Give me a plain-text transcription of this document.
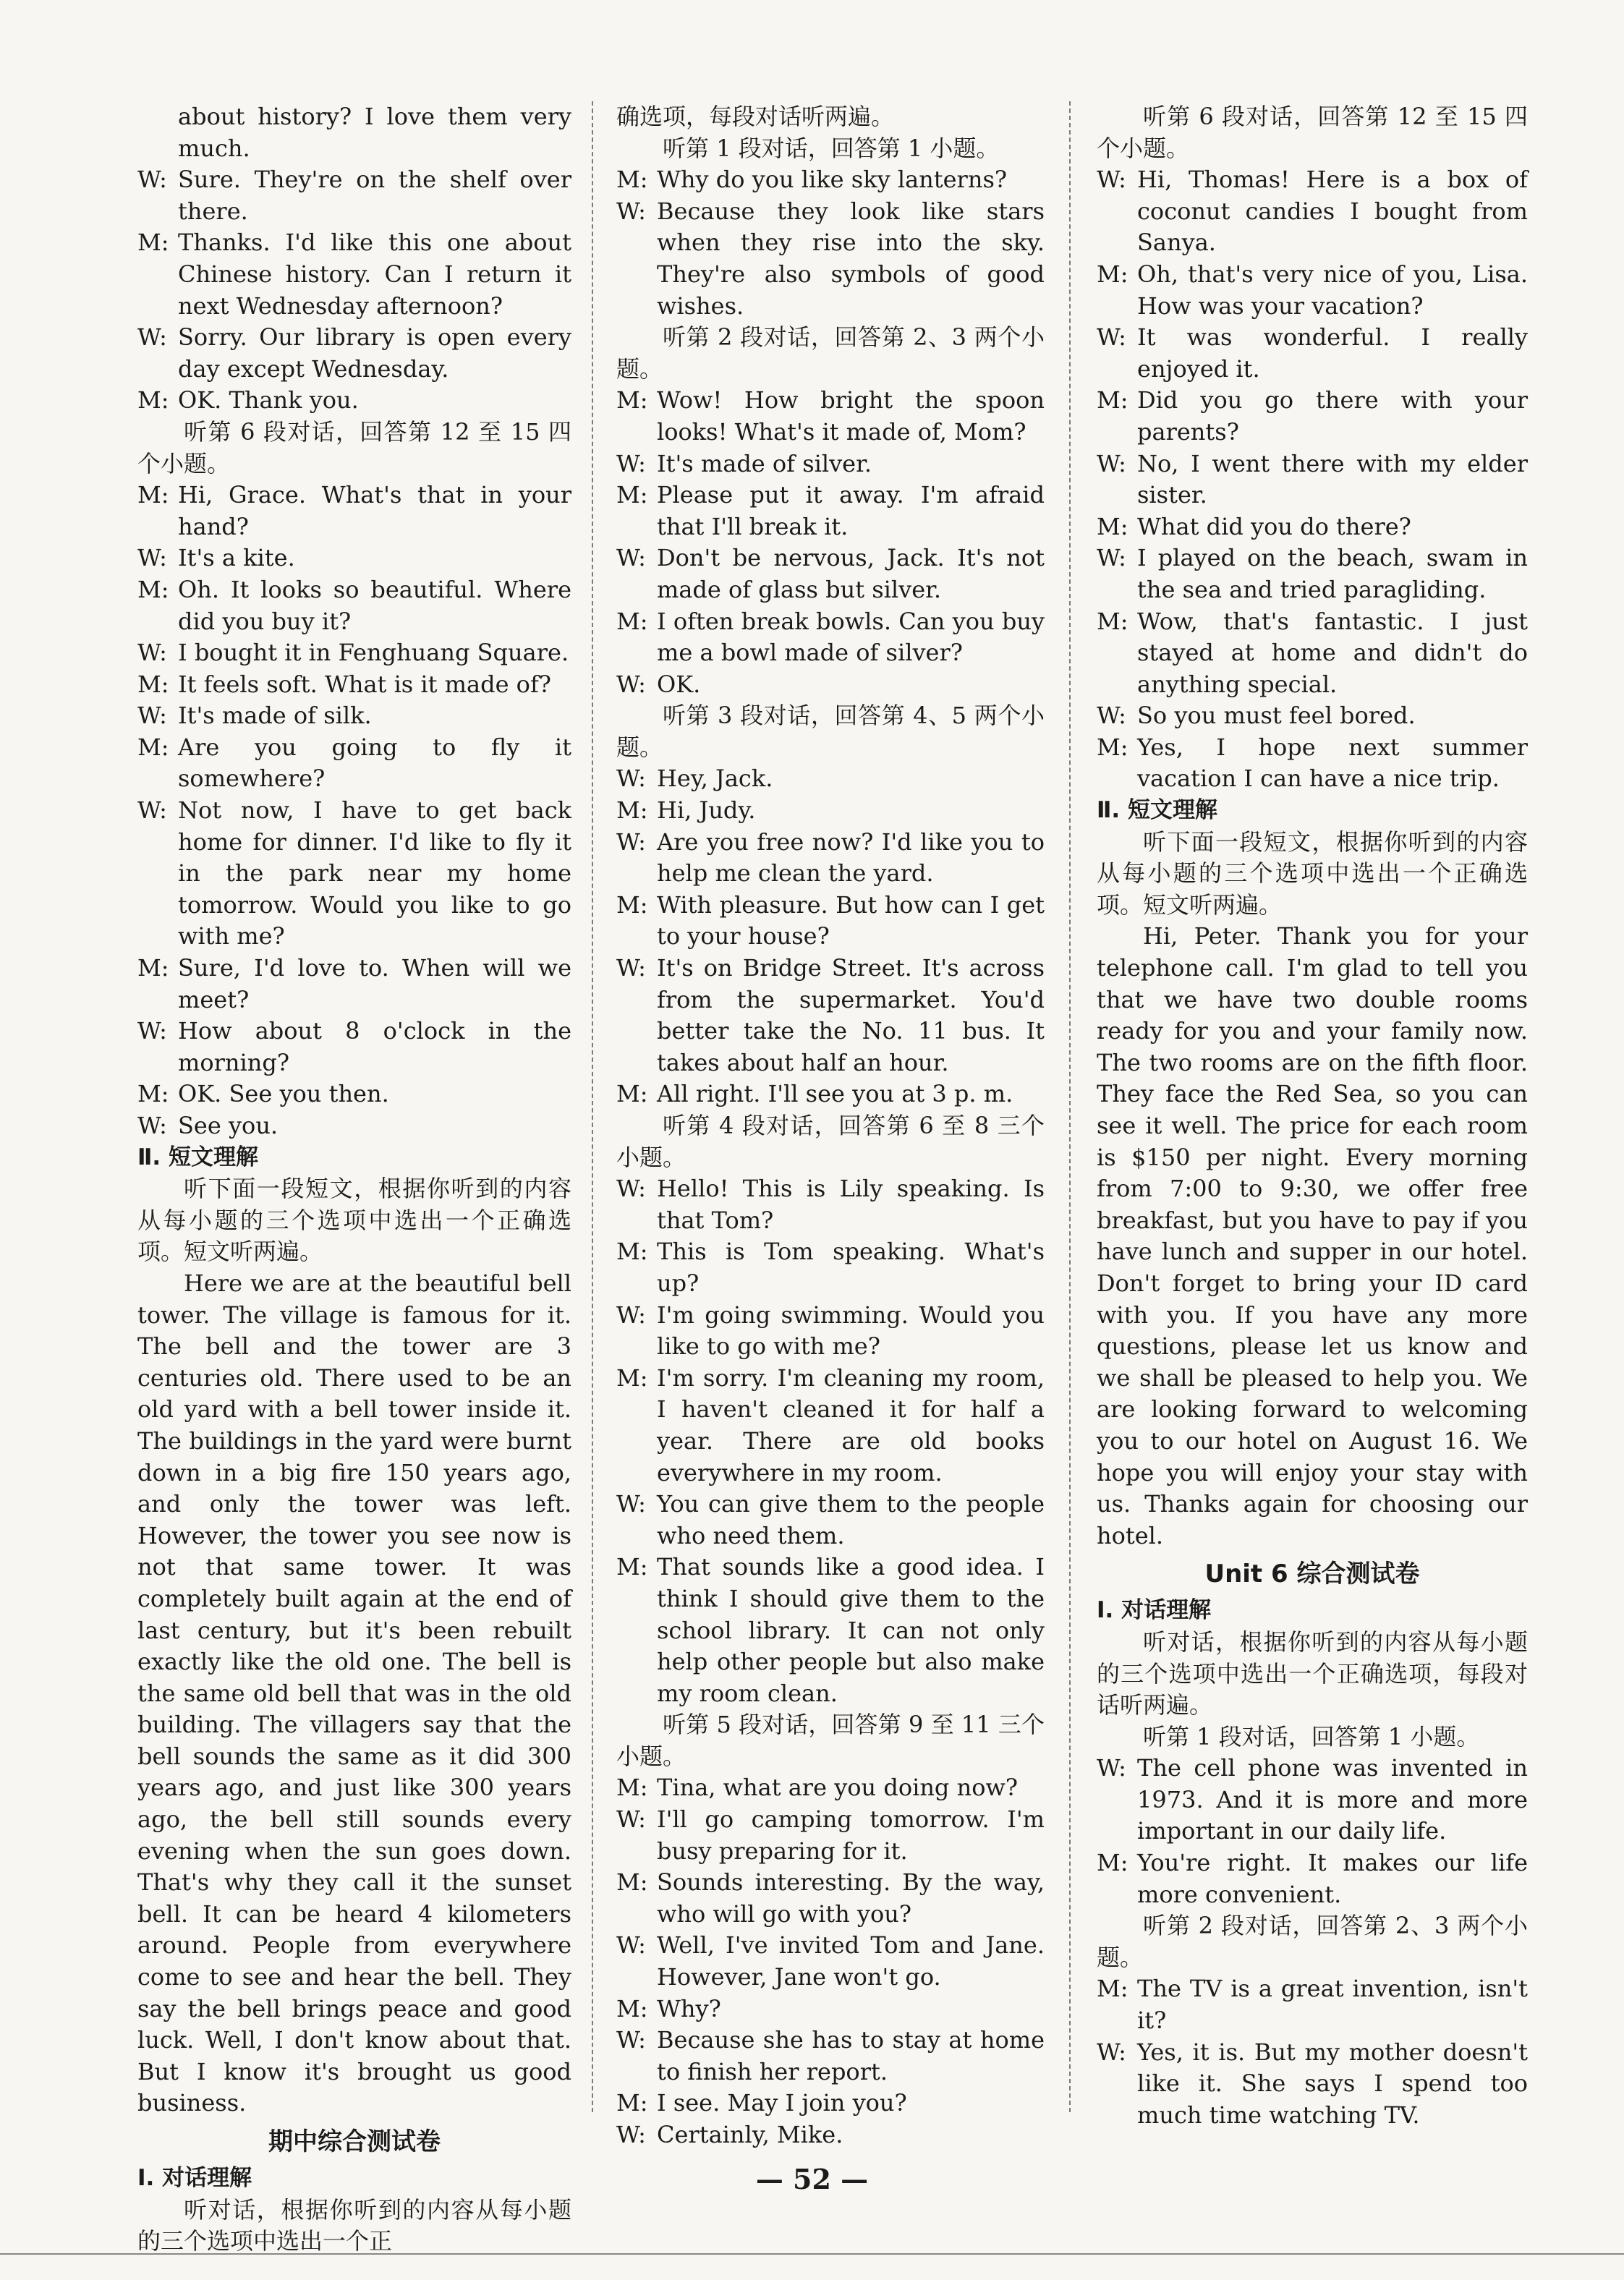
about history? I love them very much.

W: Sure. They're on the shelf over there.
M: Thanks. I'd like this one about Chinese history. Can I return it next Wednesday afternoon?
W: Sorry. Our library is open every day except Wednesday.
M: OK. Thank you.

听第 6 段对话，回答第 12 至 15 四个小题。

M: Hi, Grace. What's that in your hand?
W: It's a kite.
M: Oh. It looks so beautiful. Where did you buy it?
W: I bought it in Fenghuang Square.
M: It feels soft. What is it made of?
W: It's made of silk.
M: Are you going to fly it somewhere?
W: Not now, I have to get back home for dinner. I'd like to fly it in the park near my home tomorrow. Would you like to go with me?
M: Sure, I'd love to. When will we meet?
W: How about 8 o'clock in the morning?
M: OK. See you then.
W: See you.

Ⅱ. 短文理解

听下面一段短文，根据你听到的内容从每小题的三个选项中选出一个正确选项。短文听两遍。

Here we are at the beautiful bell tower. The village is famous for it. The bell and the tower are 3 centuries old. There used to be an old yard with a bell tower inside it. The buildings in the yard were burnt down in a big fire 150 years ago, and only the tower was left. However, the tower you see now is not that same tower. It was completely built again at the end of last century, but it's been rebuilt exactly like the old one. The bell is the same old bell that was in the old building. The villagers say that the bell sounds the same as it did 300 years ago, and just like 300 years ago, the bell still sounds every evening when the sun goes down. That's why they call it the sunset bell. It can be heard 4 kilometers around. People from everywhere come to see and hear the bell. They say the bell brings peace and good luck. Well, I don't know about that. But I know it's brought us good business.

期中综合测试卷

Ⅰ. 对话理解

听对话，根据你听到的内容从每小题的三个选项中选出一个正

确选项，每段对话听两遍。

听第 1 段对话，回答第 1 小题。

M: Why do you like sky lanterns?
W: Because they look like stars when they rise into the sky. They're also symbols of good wishes.

听第 2 段对话，回答第 2、3 两个小题。

M: Wow! How bright the spoon looks! What's it made of, Mom?
W: It's made of silver.
M: Please put it away. I'm afraid that I'll break it.
W: Don't be nervous, Jack. It's not made of glass but silver.
M: I often break bowls. Can you buy me a bowl made of silver?
W: OK.

听第 3 段对话，回答第 4、5 两个小题。

W: Hey, Jack.
M: Hi, Judy.
W: Are you free now? I'd like you to help me clean the yard.
M: With pleasure. But how can I get to your house?
W: It's on Bridge Street. It's across from the supermarket. You'd better take the No. 11 bus. It takes about half an hour.
M: All right. I'll see you at 3 p. m.

听第 4 段对话，回答第 6 至 8 三个小题。

W: Hello! This is Lily speaking. Is that Tom?
M: This is Tom speaking. What's up?
W: I'm going swimming. Would you like to go with me?
M: I'm sorry. I'm cleaning my room, I haven't cleaned it for half a year. There are old books everywhere in my room.
W: You can give them to the people who need them.
M: That sounds like a good idea. I think I should give them to the school library. It can not only help other people but also make my room clean.

听第 5 段对话，回答第 9 至 11 三个小题。

M: Tina, what are you doing now?
W: I'll go camping tomorrow. I'm busy preparing for it.
M: Sounds interesting. By the way, who will go with you?
W: Well, I've invited Tom and Jane. However, Jane won't go.
M: Why?
W: Because she has to stay at home to finish her report.
M: I see. May I join you?
W: Certainly, Mike.

听第 6 段对话，回答第 12 至 15 四个小题。

W: Hi, Thomas! Here is a box of coconut candies I bought from Sanya.
M: Oh, that's very nice of you, Lisa. How was your vacation?
W: It was wonderful. I really enjoyed it.
M: Did you go there with your parents?
W: No, I went there with my elder sister.
M: What did you do there?
W: I played on the beach, swam in the sea and tried paragliding.
M: Wow, that's fantastic. I just stayed at home and didn't do anything special.
W: So you must feel bored.
M: Yes, I hope next summer vacation I can have a nice trip.

Ⅱ. 短文理解

听下面一段短文，根据你听到的内容从每小题的三个选项中选出一个正确选项。短文听两遍。

Hi, Peter. Thank you for your telephone call. I'm glad to tell you that we have two double rooms ready for you and your family now. The two rooms are on the fifth floor. They face the Red Sea, so you can see it well. The price for each room is $150 per night. Every morning from 7:00 to 9:30, we offer free breakfast, but you have to pay if you have lunch and supper in our hotel. Don't forget to bring your ID card with you. If you have any more questions, please let us know and we shall be pleased to help you. We are looking forward to welcoming you to our hotel on August 16. We hope you will enjoy your stay with us. Thanks again for choosing our hotel.

Unit 6 综合测试卷

Ⅰ. 对话理解

听对话，根据你听到的内容从每小题的三个选项中选出一个正确选项，每段对话听两遍。

听第 1 段对话，回答第 1 小题。

W: The cell phone was invented in 1973. And it is more and more important in our daily life.
M: You're right. It makes our life more convenient.

听第 2 段对话，回答第 2、3 两个小题。

M: The TV is a great invention, isn't it?
W: Yes, it is. But my mother doesn't like it. She says I spend too much time watching TV.
— 52 —
